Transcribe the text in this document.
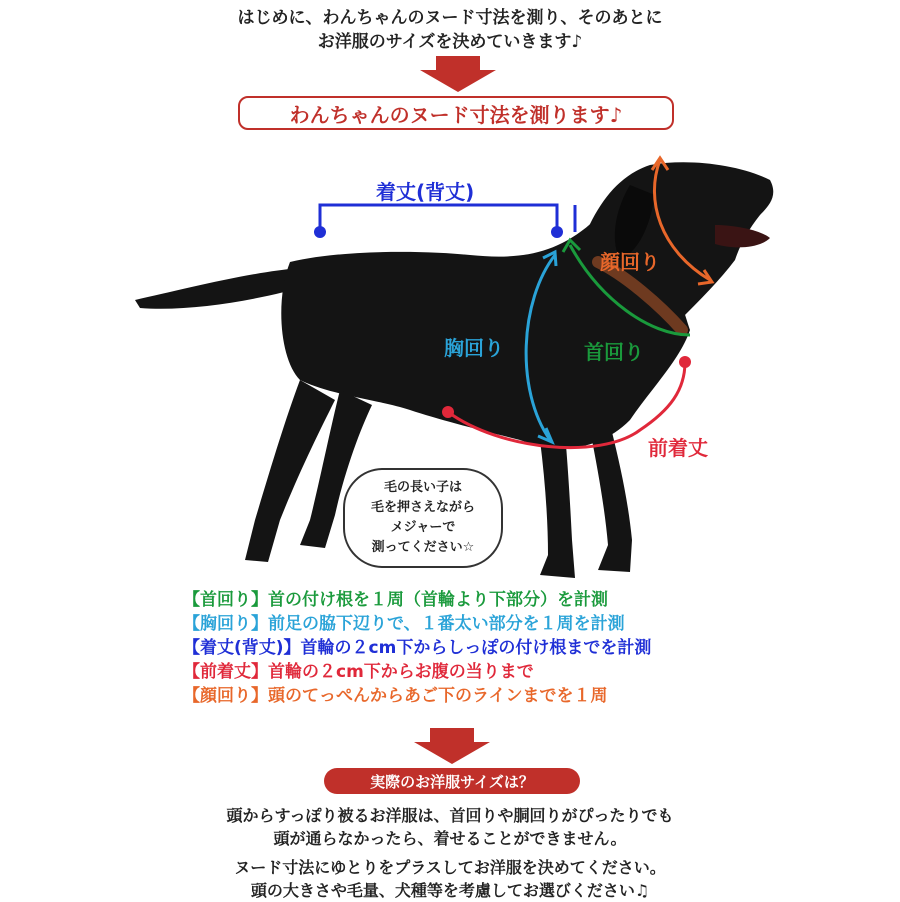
はじめに、わんちゃんのヌード寸法を測り、そのあとに
お洋服のサイズを決めていきます♪
わんちゃんのヌード寸法を測ります♪
着丈(背丈)
顔回り
胸回り	首回り
前着丈
毛の長い子は
毛を押さえながら
メジャーで
測ってください☆
【首回り】首の付け根を１周（首輪より下部分）を計測
【胸回り】前足の脇下辺りで、１番太い部分を１周を計測
【着丈(背丈)】首輪の２cm下からしっぽの付け根までを計測
【前着丈】首輪の２cm下からお腹の当りまで
【顔回り】頭のてっぺんからあご下のラインまでを１周
実際のお洋服サイズは？
頭からすっぽり被るお洋服は、首回りや胴回りがぴったりでも
頭が通らなかったら、着せることができません。
ヌード寸法にゆとりをプラスしてお洋服を決めてください。
頭の大きさや毛量、犬種等を考慮してお選びください♫
